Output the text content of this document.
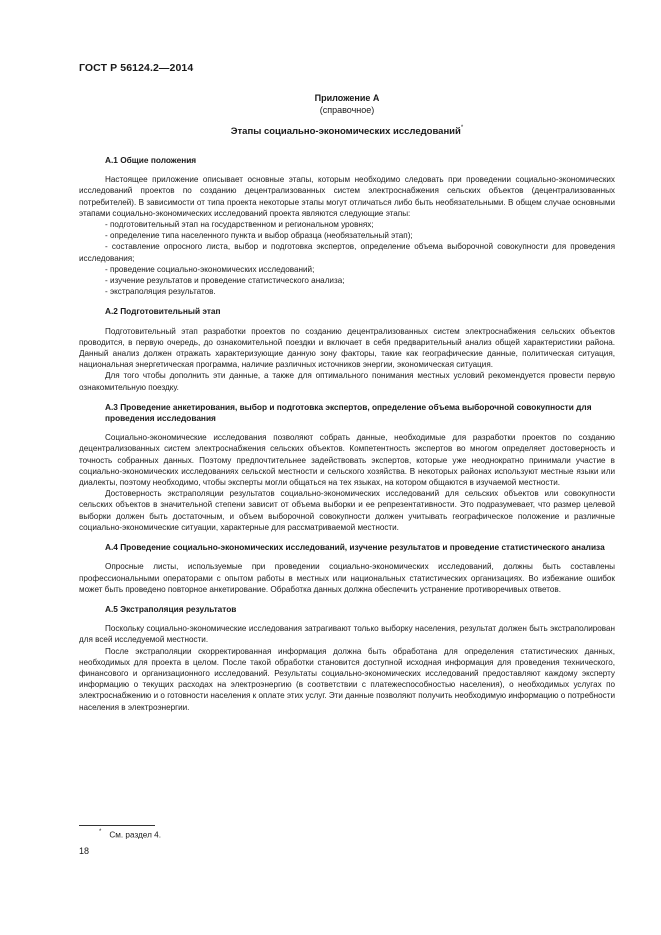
ГОСТ Р 56124.2—2014
Приложение А
(справочное)
Этапы социально-экономических исследований*
А.1 Общие положения

Настоящее приложение описывает основные этапы, которым необходимо следовать при проведении социально-экономических исследований проектов по созданию децентрализованных систем электроснабжения сельских объектов (децентрализованных потребителей). В зависимости от типа проекта некоторые этапы могут отличаться либо быть необязательными. В общем случае основными этапами социально-экономических исследований проекта являются следующие этапы:

- подготовительный этап на государственном и региональном уровнях;

- определение типа населенного пункта и выбор образца (необязательный этап);

- составление опросного листа, выбор и подготовка экспертов, определение объема выборочной совокупности для проведения исследования;

- проведение социально-экономических исследований;

- изучение результатов и проведение статистического анализа;

- экстраполяция результатов.

А.2 Подготовительный этап

Подготовительный этап разработки проектов по созданию децентрализованных систем электроснабжения сельских объектов проводится, в первую очередь, до ознакомительной поездки и включает в себя предварительный анализ общей характеристики района. Данный анализ должен отражать характеризующие данную зону факторы, такие как географические данные, политическая ситуация, национальная энергетическая программа, наличие различных источников энергии, экономическая ситуация.

Для того чтобы дополнить эти данные, а также для оптимального понимания местных условий рекомендуется провести первую ознакомительную поездку.

А.3 Проведение анкетирования, выбор и подготовка экспертов, определение объема выборочной совокупности для проведения исследования

Социально-экономические исследования позволяют собрать данные, необходимые для разработки проектов по созданию децентрализованных систем электроснабжения сельских объектов. Компетентность экспертов во многом определяет достоверность и точность собранных данных. Поэтому предпочтительнее задействовать экспертов, которые уже неоднократно принимали участие в социально-экономических исследованиях сельской местности и сельского хозяйства. В некоторых районах используют местные языки или диалекты, поэтому необходимо, чтобы эксперты могли общаться на тех языках, на котором общаются в изучаемой местности.

Достоверность экстраполяции результатов социально-экономических исследований для сельских объектов или совокупности сельских объектов в значительной степени зависит от объема выборки и ее репрезентативности. Это подразумевает, что размер целевой выборки должен быть достаточным, и объем выборочной совокупности должен учитывать географическое положение и различные социально-экономические ситуации, характерные для рассматриваемой местности.

А.4 Проведение социально-экономических исследований, изучение результатов и проведение статистического анализа

Опросные листы, используемые при проведении социально-экономических исследований, должны быть составлены профессиональными операторами с опытом работы в местных или национальных статистических организациях. Во избежание ошибок может быть проведено повторное анкетирование. Обработка данных должна обеспечить устранение противоречивых ответов.

А.5 Экстраполяция результатов

Поскольку социально-экономические исследования затрагивают только выборку населения, результат должен быть экстраполирован для всей исследуемой местности.

После экстраполяции скорректированная информация должна быть обработана для определения статистических данных, необходимых для проекта в целом. После такой обработки становится доступной исходная информация для проведения технического, финансового и организационного исследований. Результаты социально-экономических исследований предоставляют каждому эксперту информацию о текущих расходах на электроэнергию (в соответствии с платежеспособностью населения), о необходимых услугах по электроснабжению и о готовности населения к оплате этих услуг. Эти данные позволяют получить необходимую информацию о потребности населения в электроэнергии.

* См. раздел 4.
18
